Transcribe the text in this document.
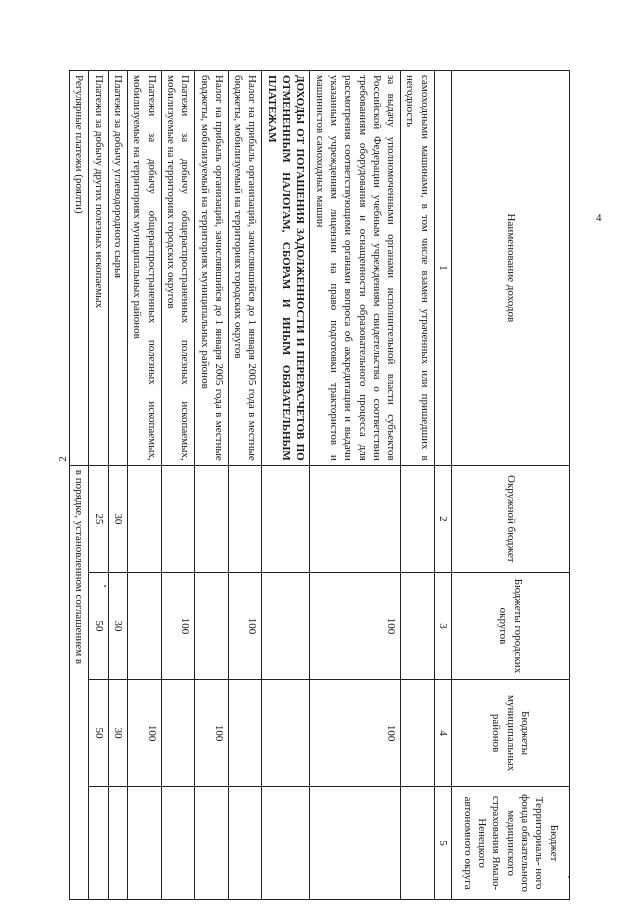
2
4
Наименование доходов	Окружной бюджет	Бюджеты городских округов	Бюджеты муниципальных районов	Бюджет Территориаль- ного фонда обязательного медицинского страхования Ямало-Ненецкого автономного округа
1	2	3	4	5
самоходными машинами, в том числе взамен утраченных или пришедших в негодность				
за выдачу уполномоченными органами исполнительной власти субъектов Российской Федерации учебным учреждениям свидетельства о соответствии требованиям оборудования и оснащенности образовательного процесса для рассмотрения соответствующими органами вопроса об аккредитации и выдачи указанным учреждениям лицензии на право подготовки трактористов и машинистов самоходных машин		100	100	
ДОХОДЫ ОТ ПОГАШЕНИЯ ЗАДОЛЖЕННОСТИ И ПЕРЕРАСЧЕТОВ ПО ОТМЕНЕННЫМ НАЛОГАМ, СБОРАМ И ИНЫМ ОБЯЗАТЕЛЬНЫМ ПЛАТЕЖАМ				
Налог на прибыль организаций, зачислявшийся до 1 января 2005 года в местные бюджеты, мобилизуемый на территориях городских округов		100		
Налог на прибыль организаций, зачислявшийся до 1 января 2005 года в местные бюджеты, мобилизуемый на территориях муниципальных районов			100	
Платежи за добычу общераспространенных полезных ископаемых, мобилизуемые на территориях городских округов		100		
Платежи за добычу общераспространенных полезных ископаемых, мобилизуемые на территориях муниципальных районов			100	
Платежи за добычу углеводородного сырья	30	30	30	
Платежи за добычу других полезных ископаемых	25	50	50	
Регулярные платежи (роялти)	в порядке, установленном соглашением в			
